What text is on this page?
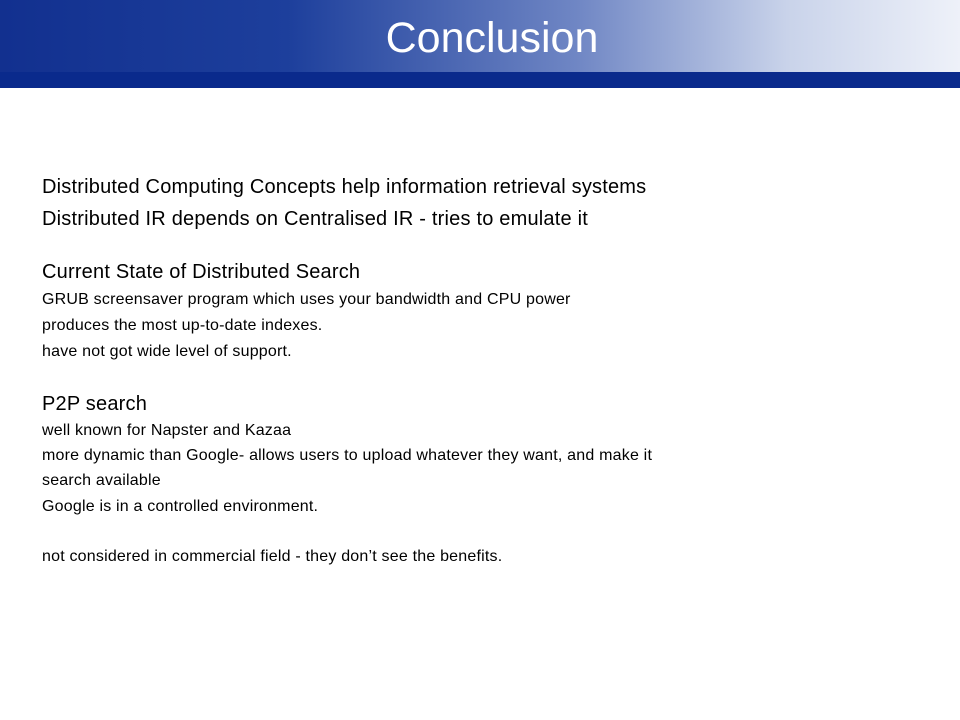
Conclusion
Distributed Computing Concepts help information retrieval systems
Distributed IR depends on Centralised IR - tries to emulate it
Current State of Distributed Search
GRUB screensaver program which uses your bandwidth and CPU power
produces the most up-to-date indexes.
have not got wide level of support.
P2P search
well known for Napster and Kazaa
more dynamic than Google- allows users to upload whatever they want, and make it
search available
Google is in a controlled environment.
not considered in commercial field - they don’t see the benefits.
